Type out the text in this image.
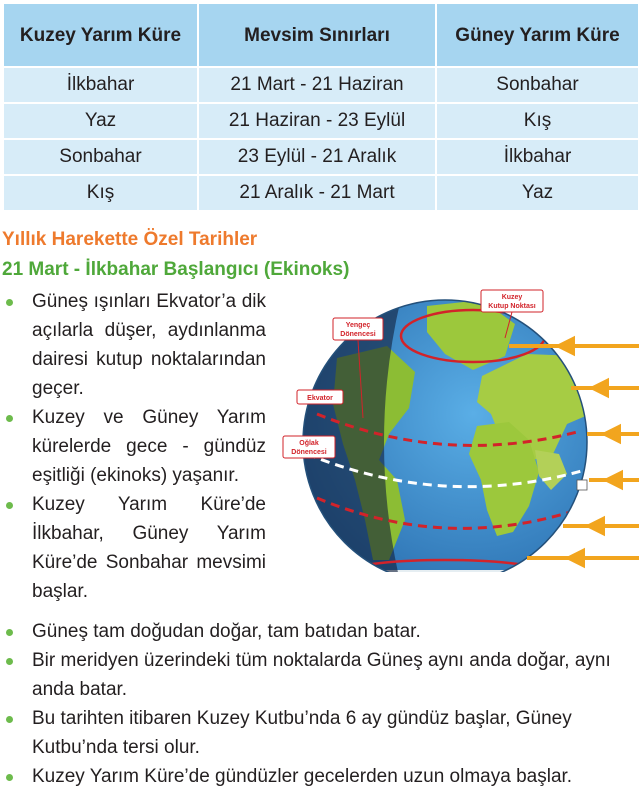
Kuzey Yarım Küre	Mevsim Sınırları	Güney Yarım Küre
İlkbahar	21 Mart - 21 Haziran	Sonbahar
Yaz	21 Haziran - 23 Eylül	Kış
Sonbahar	23 Eylül - 21 Aralık	İlkbahar
Kış	21 Aralık - 21 Mart	Yaz
Yıllık Harekette Özel Tarihler
21 Mart - İlkbahar Başlangıcı (Ekinoks)
Güneş ışınları Ekvator’a dik açılarla düşer, aydınlanma dairesi kutup noktalarından geçer.
Kuzey ve Güney Yarım kürelerde gece - gündüz eşitliği (ekinoks) yaşanır.
Kuzey Yarım Küre’de İlkbahar, Güney Yarım Küre’de Sonbahar mevsimi başlar.
Kuzey
Kutup Noktası
Yengeç
Dönencesi
Ekvator
Oğlak
Dönencesi
Güneş tam doğudan doğar, tam batıdan batar.
Bir meridyen üzerindeki tüm noktalarda Güneş aynı anda doğar, aynı anda batar.
Bu tarihten itibaren Kuzey Kutbu’nda 6 ay gündüz başlar, Güney Kutbu’nda tersi olur.
Kuzey Yarım Küre’de gündüzler gecelerden uzun olmaya başlar.
